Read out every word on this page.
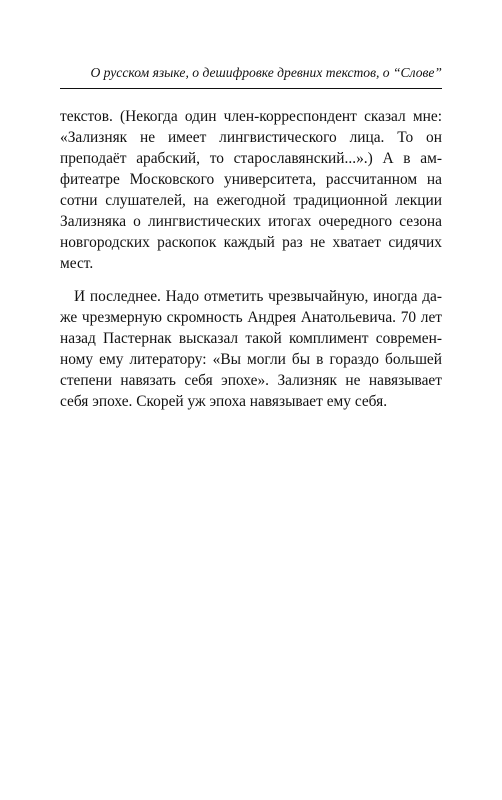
О русском языке, о дешифровке древних текстов, о “Слове”
текстов. (Некогда один член-корреспондент сказал мне:
«Зализняк не имеет лингвистического лица. То он
преподаёт арабский, то старославянский...».) А в ам-
фитеатре Московского университета, рассчитанном на
сотни слушателей, на ежегодной традиционной лекции
Зализняка о лингвистических итогах очередного сезона
новгородских раскопок каждый раз не хватает сидячих
мест.
И последнее. Надо отметить чрезвычайную, иногда да-
же чрезмерную скромность Андрея Анатольевича. 70 лет
назад Пастернак высказал такой комплимент современ-
ному ему литератору: «Вы могли бы в гораздо большей
степени навязать себя эпохе». Зализняк не навязывает
себя эпохе. Скорей уж эпоха навязывает ему себя.
